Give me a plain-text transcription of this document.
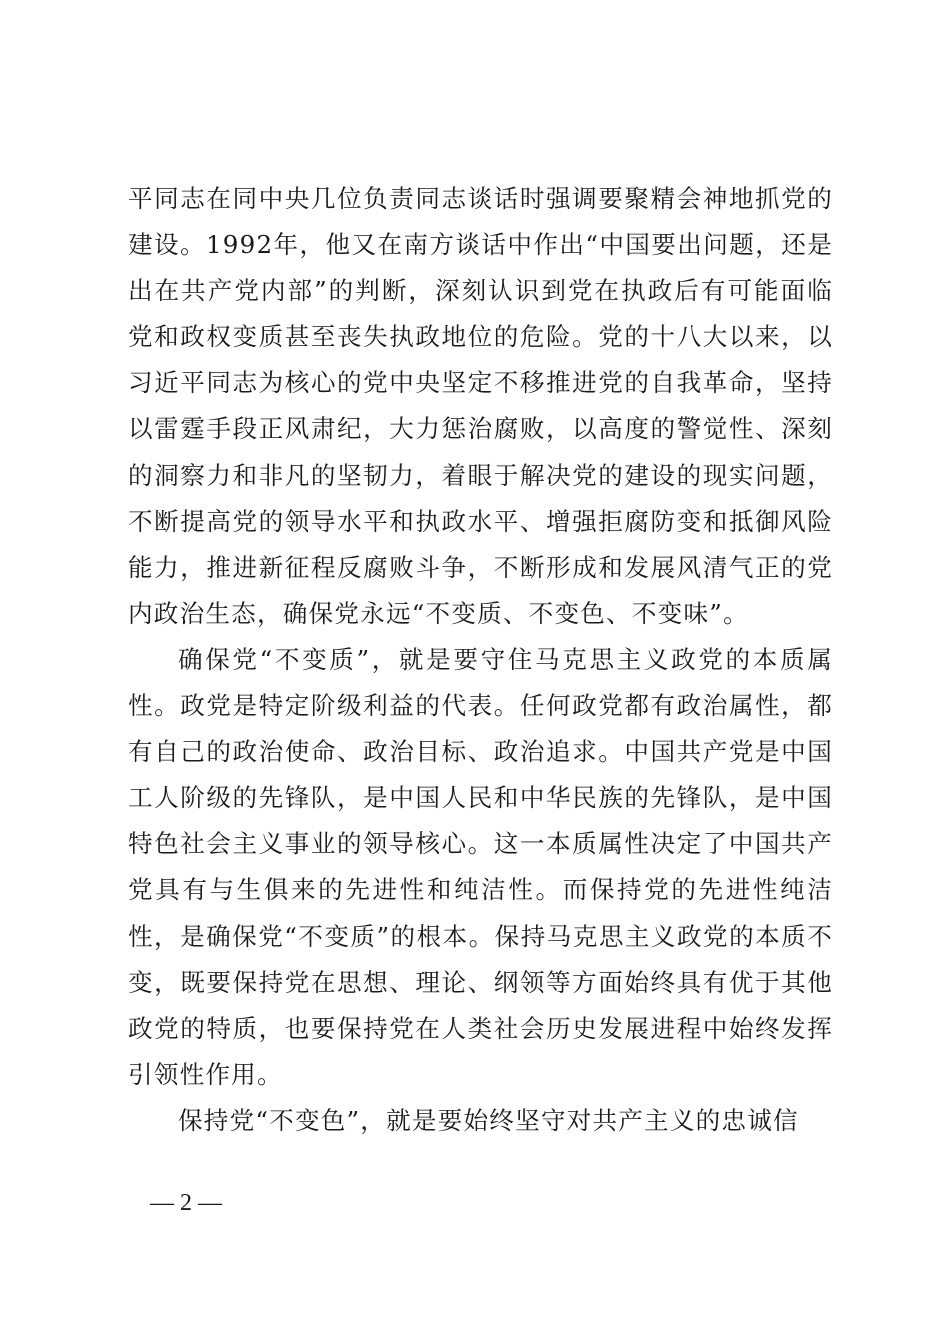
平同志在同中央几位负责同志谈话时强调要聚精会神地抓党的建设。1992年，他又在南方谈话中作出“中国要出问题，还是出在共产党内部”的判断，深刻认识到党在执政后有可能面临党和政权变质甚至丧失执政地位的危险。党的十八大以来，以习近平同志为核心的党中央坚定不移推进党的自我革命，坚持以雷霆手段正风肃纪，大力惩治腐败，以高度的警觉性、深刻的洞察力和非凡的坚韧力，着眼于解决党的建设的现实问题，不断提高党的领导水平和执政水平、增强拒腐防变和抵御风险能力，推进新征程反腐败斗争，不断形成和发展风清气正的党内政治生态，确保党永远“不变质、不变色、不变味”。

确保党“不变质”，就是要守住马克思主义政党的本质属性。政党是特定阶级利益的代表。任何政党都有政治属性，都有自己的政治使命、政治目标、政治追求。中国共产党是中国工人阶级的先锋队，是中国人民和中华民族的先锋队，是中国特色社会主义事业的领导核心。这一本质属性决定了中国共产党具有与生俱来的先进性和纯洁性。而保持党的先进性纯洁性，是确保党“不变质”的根本。保持马克思主义政党的本质不变，既要保持党在思想、理论、纲领等方面始终具有优于其他政党的特质，也要保持党在人类社会历史发展进程中始终发挥引领性作用。

保持党“不变色”，就是要始终坚守对共产主义的忠诚信

— 2 —
